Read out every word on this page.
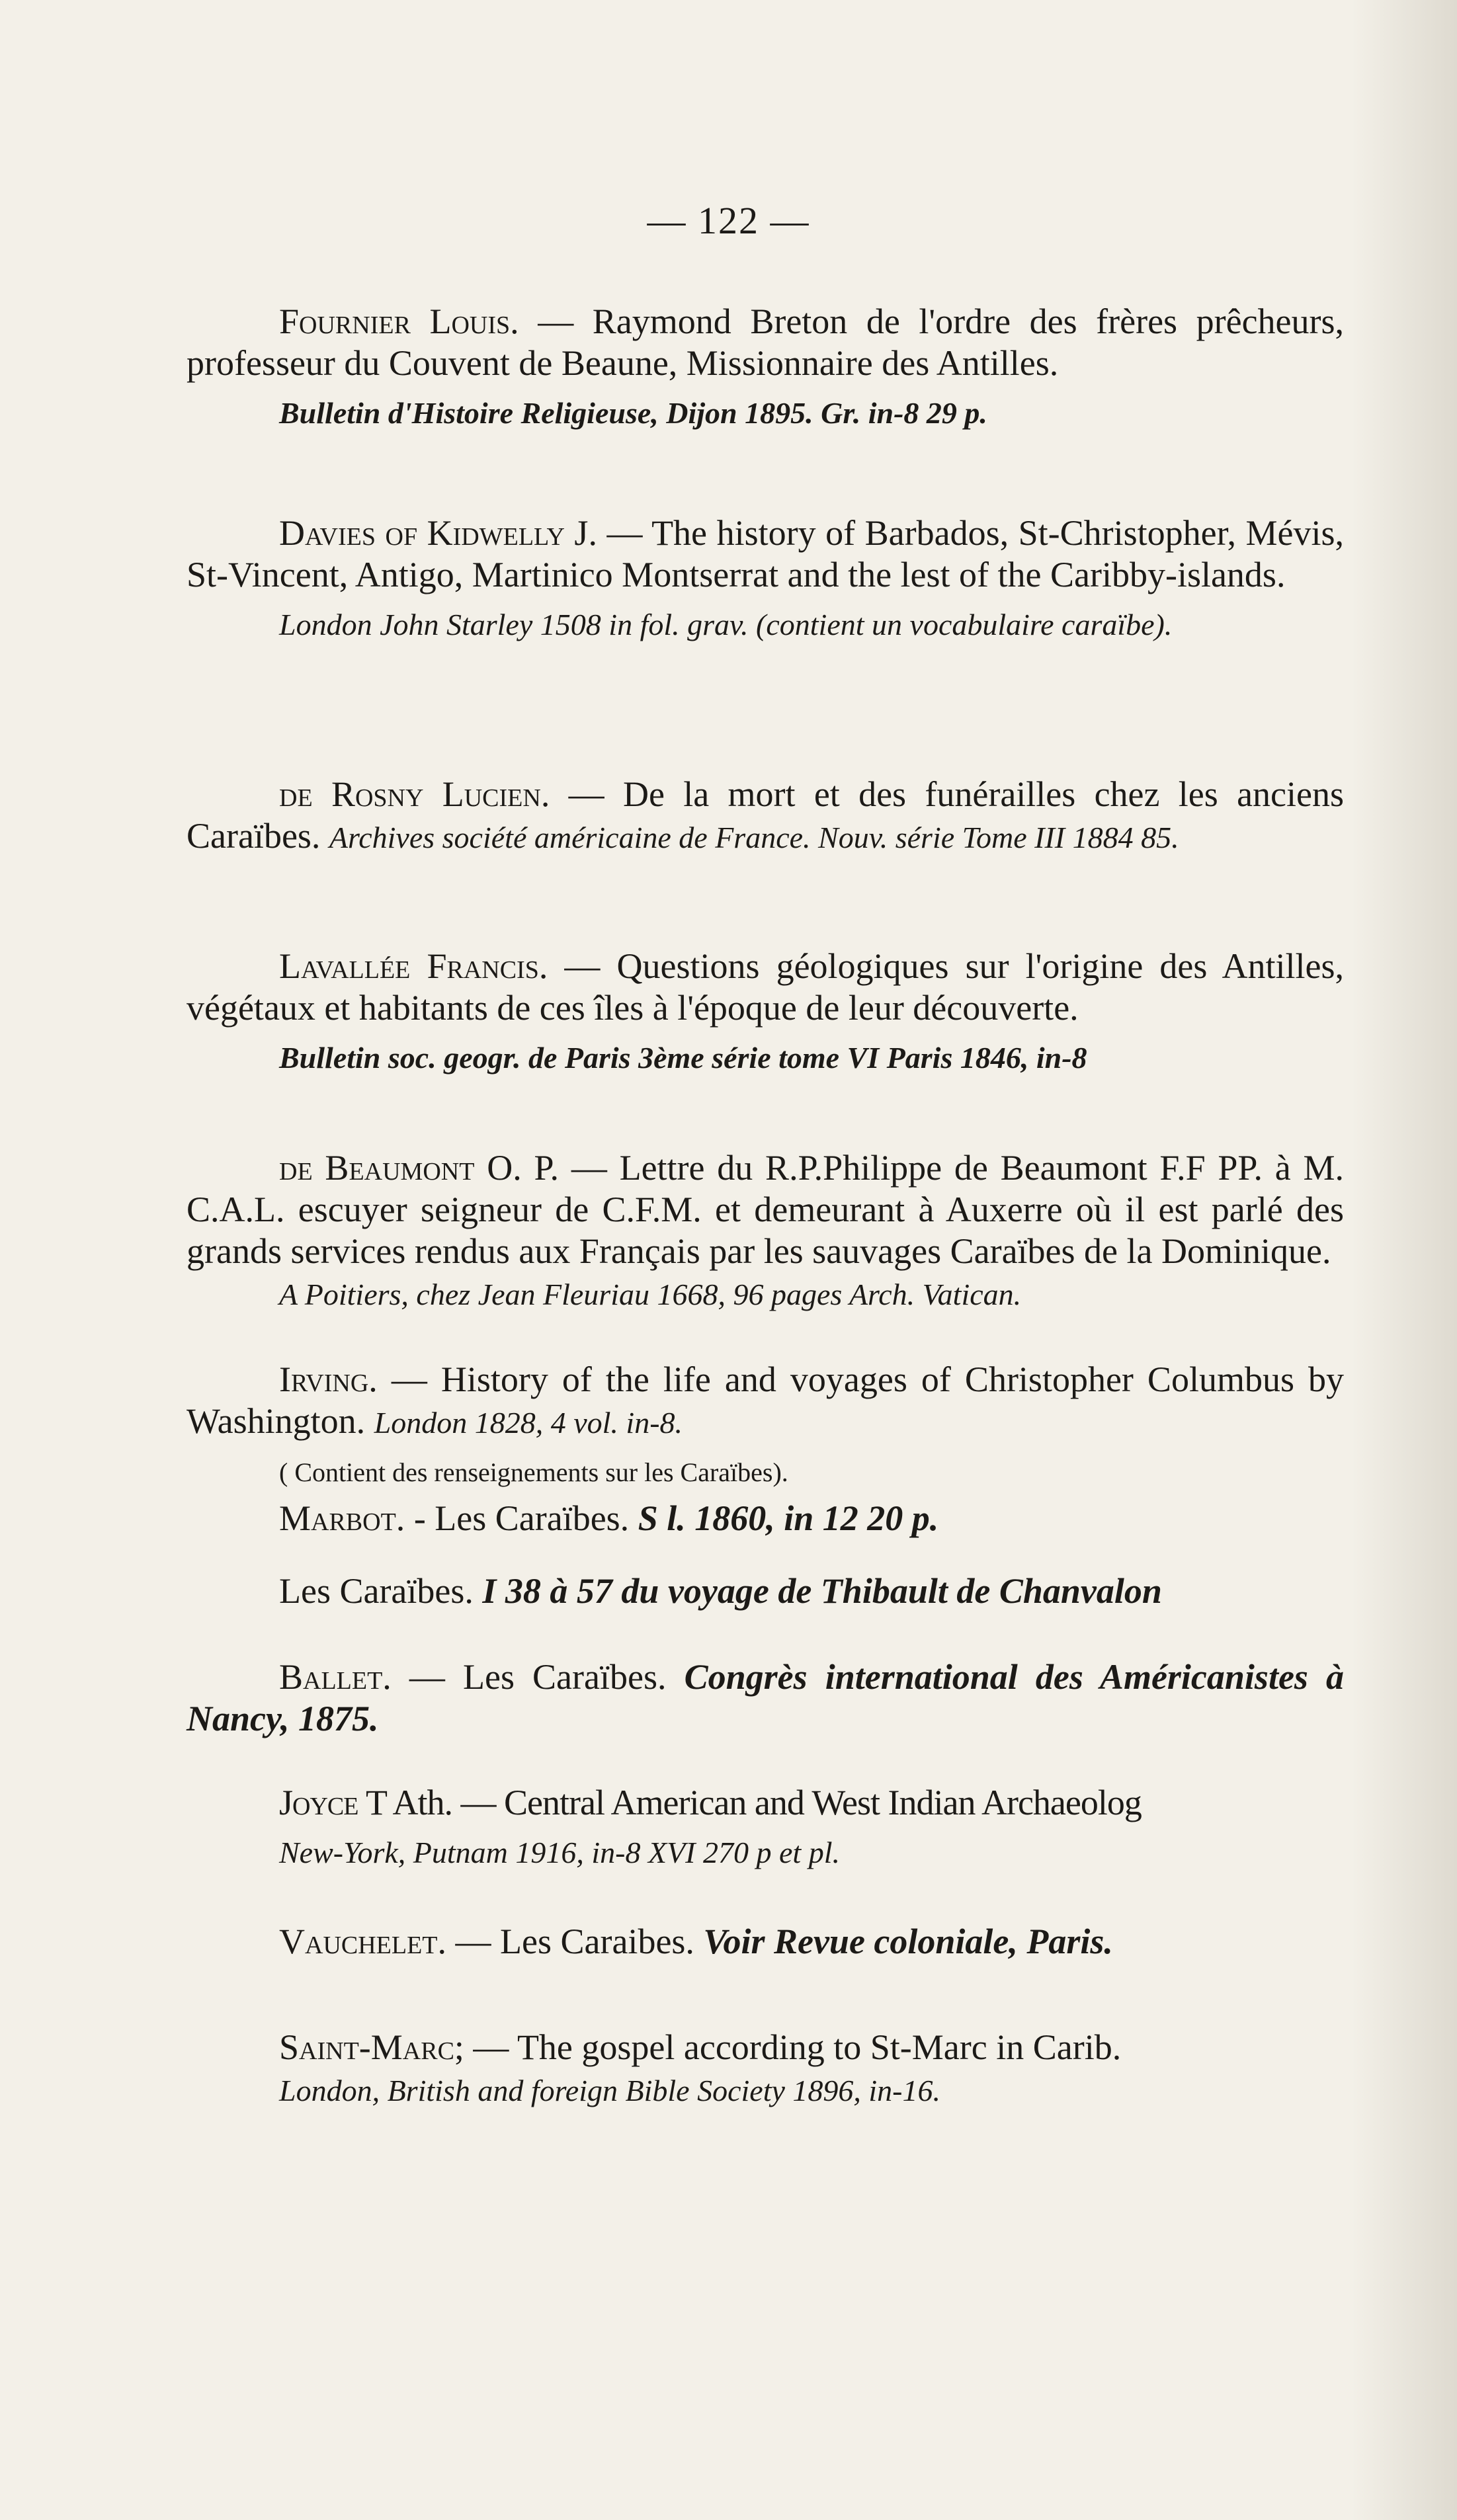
— 122 —
Fournier Louis. — Raymond Breton de l'ordre des frères prêcheurs, professeur du Couvent de Beaune, Missionnaire des Antilles.
Bulletin d'Histoire Religieuse, Dijon 1895. Gr. in-8 29 p.
Davies of Kidwelly J. — The history of Barbados, St-Christopher, Mévis, St-Vincent, Antigo, Martinico Montserrat and the lest of the Caribby-islands.
London John Starley 1508 in fol. grav. (contient un vocabulaire caraïbe).
de Rosny Lucien. — De la mort et des funérailles chez les anciens Caraïbes. Archives société américaine de France. Nouv. série Tome III 1884 85.
Lavallée Francis. — Questions géologiques sur l'origine des Antilles, végétaux et habitants de ces îles à l'époque de leur découverte.
Bulletin soc. geogr. de Paris 3ème série tome VI Paris 1846, in-8
de Beaumont O. P. — Lettre du R.P.Philippe de Beaumont F.F PP. à M. C.A.L. escuyer seigneur de C.F.M. et demeurant à Auxerre où il est parlé des grands services rendus aux Français par les sauvages Caraïbes de la Dominique.
A Poitiers, chez Jean Fleuriau 1668, 96 pages Arch. Vatican.
Irving. — History of the life and voyages of Christopher Columbus by Washington. London 1828, 4 vol. in-8.
( Contient des renseignements sur les Caraïbes).
Marbot. - Les Caraïbes. S l. 1860, in 12 20 p.
Les Caraïbes. I 38 à 57 du voyage de Thibault de Chanvalon
Ballet. — Les Caraïbes. Congrès international des Américanistes à Nancy, 1875.
Joyce T Ath. — Central American and West Indian Archaeolog
New-York, Putnam 1916, in-8 XVI 270 p et pl.
Vauchelet. — Les Caraibes. Voir Revue coloniale, Paris.
Saint-Marc; — The gospel according to St-Marc in Carib.
London, British and foreign Bible Society 1896, in-16.
